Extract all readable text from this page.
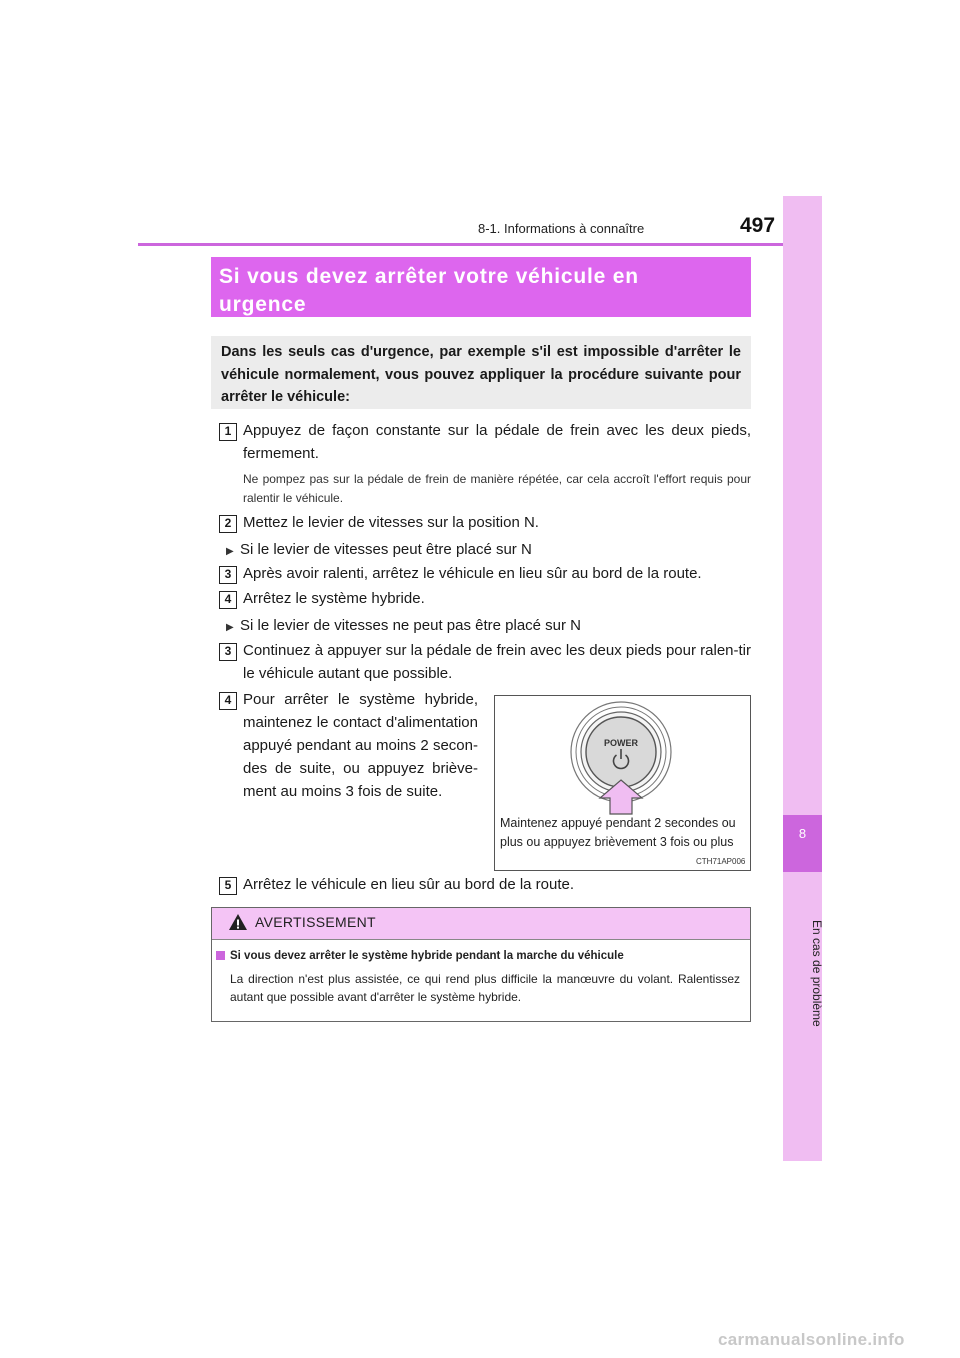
8-1. Informations à connaître	497
8
En cas de problème
Si vous devez arrêter votre véhicule en
urgence
Dans les seuls cas d'urgence, par exemple s'il est impossible d'arrêter le véhicule normalement, vous pouvez appliquer la procédure suivante pour arrêter le véhicule:
1 Appuyez de façon constante sur la pédale de frein avec les deux pieds, fermement.
Ne pompez pas sur la pédale de frein de manière répétée, car cela accroît l'effort requis pour ralentir le véhicule.
2 Mettez le levier de vitesses sur la position N.
▶ Si le levier de vitesses peut être placé sur N
3 Après avoir ralenti, arrêtez le véhicule en lieu sûr au bord de la route.
4 Arrêtez le système hybride.
▶ Si le levier de vitesses ne peut pas être placé sur N
3 Continuez à appuyer sur la pédale de frein avec les deux pieds pour ralen-tir le véhicule autant que possible.
4 Pour arrêter le système hybride, maintenez le contact d'alimentation appuyé pendant au moins 2 secon-des de suite, ou appuyez briève-ment au moins 3 fois de suite.
POWER
Maintenez appuyé pendant 2 secondes ou plus ou appuyez brièvement 3 fois ou plus
CTH71AP006
5 Arrêtez le véhicule en lieu sûr au bord de la route.
AVERTISSEMENT
Si vous devez arrêter le système hybride pendant la marche du véhicule
La direction n'est plus assistée, ce qui rend plus difficile la manœuvre du volant. Ralentissez autant que possible avant d'arrêter le système hybride.
carmanualsonline.info
